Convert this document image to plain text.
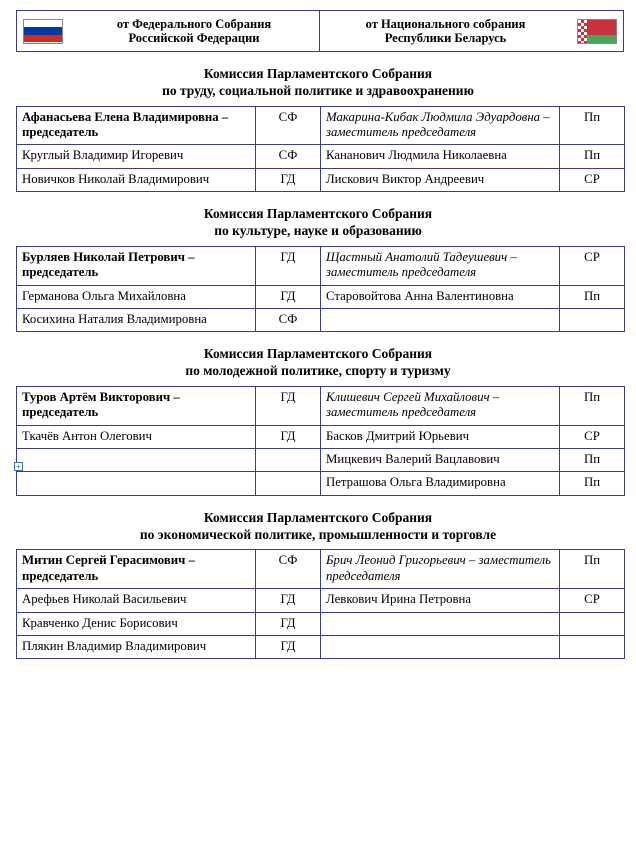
+
от Федерального Собрания
Российской Федерации
от Национального собрания
Республики Беларусь
Комиссия Парламентского Собрания
по труду, социальной политике и здравоохранению
Афанасьева Елена Владимировна – председатель	СФ	Макарина-Кибак Людмила Эдуардовна – заместитель председателя	Пп
Круглый Владимир Игоревич	СФ	Кананович Людмила Николаевна	Пп
Новичков Николай Владимирович	ГД	Лискович Виктор Андреевич	СР
Комиссия Парламентского Собрания
по культуре, науке и образованию
Бурляев Николай Петрович – председатель	ГД	Щастный Анатолий Тадеушевич – заместитель председателя	СР
Германова Ольга Михайловна	ГД	Старовойтова Анна Валентиновна	Пп
Косихина Наталия Владимировна	СФ		
Комиссия Парламентского Собрания
по молодежной политике, спорту и туризму
Туров Артём Викторович – председатель	ГД	Клишевич Сергей Михайлович – заместитель председателя	Пп
Ткачёв Антон Олегович	ГД	Басков Дмитрий Юрьевич	СР
		Мицкевич Валерий Вацлавович	Пп
		Петрашова Ольга Владимировна	Пп
Комиссия Парламентского Собрания
по экономической политике, промышленности и торговле
Митин Сергей Герасимович – председатель	СФ	Брич Леонид Григорьевич – заместитель председателя	Пп
Арефьев Николай Васильевич	ГД	Левкович Ирина Петровна	СР
Кравченко Денис Борисович	ГД		
Плякин Владимир Владимирович	ГД		
